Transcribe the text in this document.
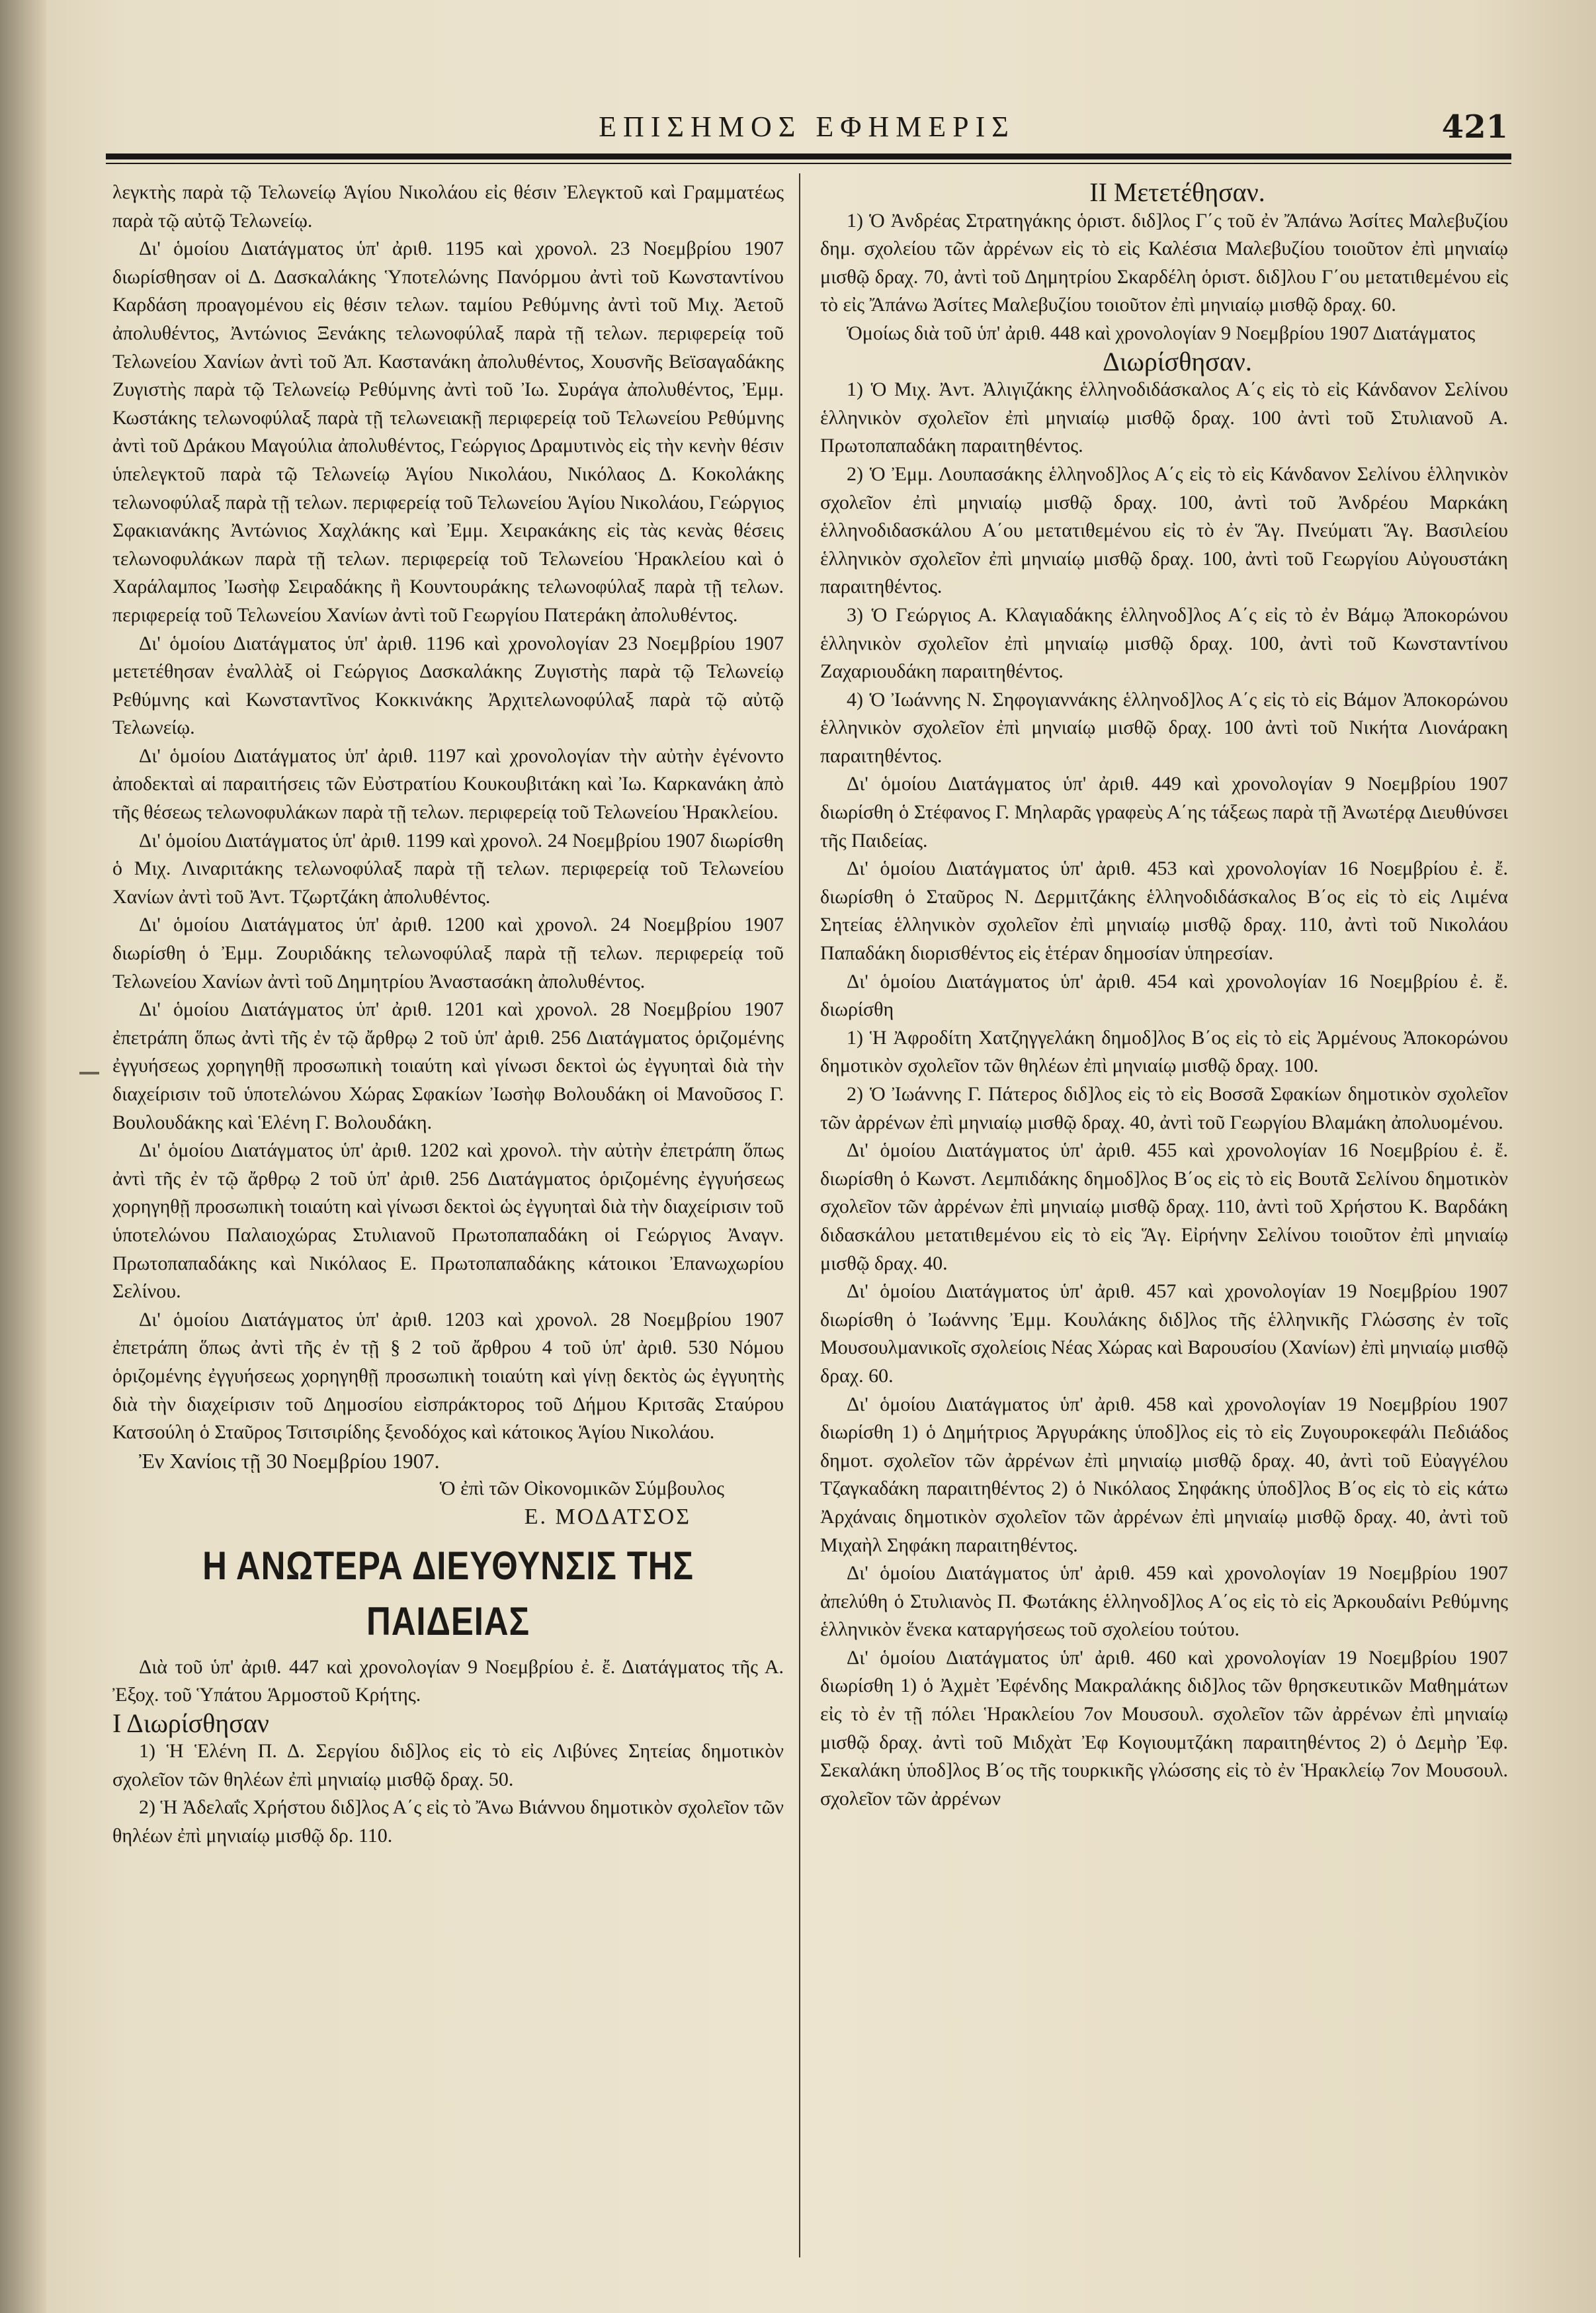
ΕΠΙΣΗΜΟΣ ΕΦΗΜΕΡΙΣ	421

λεγκτὴς παρὰ τῷ Τελωνείῳ Ἁγίου Νικολάου εἰς θέσιν Ἐλεγκτοῦ καὶ Γραμματέως παρὰ τῷ αὐτῷ Τελωνείῳ.

Δι' ὁμοίου Διατάγματος ὑπ' ἀριθ. 1195 καὶ χρονολ. 23 Νοεμβρίου 1907 διωρίσθησαν οἱ Δ. Δασκαλάκης Ὑποτελώνης Πανόρμου ἀντὶ τοῦ Κωνσταντίνου Καρδάση προαγομένου εἰς θέσιν τελων. ταμίου Ρεθύμνης ἀντὶ τοῦ Μιχ. Ἀετοῦ ἀπολυθέντος, Ἀντώνιος Ξενάκης τελωνοφύλαξ παρὰ τῇ τελων. περιφερείᾳ τοῦ Τελωνείου Χανίων ἀντὶ τοῦ Ἀπ. Καστανάκη ἀπολυθέντος, Χουσνῆς Βεϊσαγαδάκης Ζυγιστὴς παρὰ τῷ Τελωνείῳ Ρεθύμνης ἀντὶ τοῦ Ἰω. Συράγα ἀπολυθέντος, Ἐμμ. Κωστάκης τελωνοφύλαξ παρὰ τῇ τελωνειακῇ περιφερείᾳ τοῦ Τελωνείου Ρεθύμνης ἀντὶ τοῦ Δράκου Μαγούλια ἀπολυθέντος, Γεώργιος Δραμυτινὸς εἰς τὴν κενὴν θέσιν ὑπελεγκτοῦ παρὰ τῷ Τελωνείῳ Ἁγίου Νικολάου, Νικόλαος Δ. Κοκολάκης τελωνοφύλαξ παρὰ τῇ τελων. περιφερείᾳ τοῦ Τελωνείου Ἁγίου Νικολάου, Γεώργιος Σφακιανάκης Ἀντώνιος Χαχλάκης καὶ Ἐμμ. Χειρακάκης εἰς τὰς κενὰς θέσεις τελωνοφυλάκων παρὰ τῇ τελων. περιφερείᾳ τοῦ Τελωνείου Ἡρακλείου καὶ ὁ Χαράλαμπος Ἰωσὴφ Σειραδάκης ἢ Κουντουράκης τελωνοφύλαξ παρὰ τῇ τελων. περιφερείᾳ τοῦ Τελωνείου Χανίων ἀντὶ τοῦ Γεωργίου Πατεράκη ἀπολυθέντος.

Δι' ὁμοίου Διατάγματος ὑπ' ἀριθ. 1196 καὶ χρονολογίαν 23 Νοεμβρίου 1907 μετετέθησαν ἐναλλὰξ οἱ Γεώργιος Δασκαλάκης Ζυγιστὴς παρὰ τῷ Τελωνείῳ Ρεθύμνης καὶ Κωνσταντῖνος Κοκκινάκης Ἀρχιτελωνοφύλαξ παρὰ τῷ αὐτῷ Τελωνείῳ.

Δι' ὁμοίου Διατάγματος ὑπ' ἀριθ. 1197 καὶ χρονολογίαν τὴν αὐτὴν ἐγένοντο ἀποδεκταὶ αἱ παραιτήσεις τῶν Εὐστρατίου Κουκουβιτάκη καὶ Ἰω. Καρκανάκη ἀπὸ τῆς θέσεως τελωνοφυλάκων παρὰ τῇ τελων. περιφερείᾳ τοῦ Τελωνείου Ἡρακλείου.

Δι' ὁμοίου Διατάγματος ὑπ' ἀριθ. 1199 καὶ χρονολ. 24 Νοεμβρίου 1907 διωρίσθη ὁ Μιχ. Λιναριτάκης τελωνοφύλαξ παρὰ τῇ τελων. περιφερείᾳ τοῦ Τελωνείου Χανίων ἀντὶ τοῦ Ἀντ. Τζωρτζάκη ἀπολυθέντος.

Δι' ὁμοίου Διατάγματος ὑπ' ἀριθ. 1200 καὶ χρονολ. 24 Νοεμβρίου 1907 διωρίσθη ὁ Ἐμμ. Ζουριδάκης τελωνοφύλαξ παρὰ τῇ τελων. περιφερείᾳ τοῦ Τελωνείου Χανίων ἀντὶ τοῦ Δημητρίου Ἀναστασάκη ἀπολυθέντος.

Δι' ὁμοίου Διατάγματος ὑπ' ἀριθ. 1201 καὶ χρονολ. 28 Νοεμβρίου 1907 ἐπετράπη ὅπως ἀντὶ τῆς ἐν τῷ ἄρθρῳ 2 τοῦ ὑπ' ἀριθ. 256 Διατάγματος ὁριζομένης ἐγγυήσεως χορηγηθῇ προσωπικὴ τοιαύτη καὶ γίνωσι δεκτοὶ ὡς ἐγγυηταὶ διὰ τὴν διαχείρισιν τοῦ ὑποτελώνου Χώρας Σφακίων Ἰωσὴφ Βολουδάκη οἱ Μανοῦσος Γ. Βουλουδάκης καὶ Ἑλένη Γ. Βολουδάκη.

Δι' ὁμοίου Διατάγματος ὑπ' ἀριθ. 1202 καὶ χρονολ. τὴν αὐτὴν ἐπετράπη ὅπως ἀντὶ τῆς ἐν τῷ ἄρθρῳ 2 τοῦ ὑπ' ἀριθ. 256 Διατάγματος ὁριζομένης ἐγγυήσεως χορηγηθῇ προσωπικὴ τοιαύτη καὶ γίνωσι δεκτοὶ ὡς ἐγγυηταὶ διὰ τὴν διαχείρισιν τοῦ ὑποτελώνου Παλαιοχώρας Στυλιανοῦ Πρωτοπαπαδάκη οἱ Γεώργιος Ἀναγν. Πρωτοπαπαδάκης καὶ Νικόλαος Ε. Πρωτοπαπαδάκης κάτοικοι Ἐπανωχωρίου Σελίνου.

Δι' ὁμοίου Διατάγματος ὑπ' ἀριθ. 1203 καὶ χρονολ. 28 Νοεμβρίου 1907 ἐπετράπη ὅπως ἀντὶ τῆς ἐν τῇ § 2 τοῦ ἄρθρου 4 τοῦ ὑπ' ἀριθ. 530 Νόμου ὁριζομένης ἐγγυήσεως χορηγηθῇ προσωπικὴ τοιαύτη καὶ γίνῃ δεκτὸς ὡς ἐγγυητὴς διὰ τὴν διαχείρισιν τοῦ Δημοσίου εἰσπράκτορος τοῦ Δήμου Κριτσᾶς Σταύρου Κατσούλη ὁ Σταῦρος Τσιτσιρίδης ξενοδόχος καὶ κάτοικος Ἁγίου Νικολάου.

Ἐν Χανίοις τῇ 30 Νοεμβρίου 1907.

Ὁ ἐπὶ τῶν Οἰκονομικῶν Σύμβουλος

Ε. ΜΟΔΑΤΣΟΣ

Η ΑΝΩΤΕΡΑ ΔΙΕΥΘΥΝΣΙΣ ΤΗΣ ΠΑΙΔΕΙΑΣ

Διὰ τοῦ ὑπ' ἀριθ. 447 καὶ χρονολογίαν 9 Νοεμβρίου ἐ. ἔ. Διατάγματος τῆς Α. Ἐξοχ. τοῦ Ὑπάτου Ἁρμοστοῦ Κρήτης.

Ι Διωρίσθησαν

1) Ἡ Ἑλένη Π. Δ. Σεργίου διδ]λος εἰς τὸ εἰς Λιβύνες Σητείας δημοτικὸν σχολεῖον τῶν θηλέων ἐπὶ μηνιαίῳ μισθῷ δραχ. 50.

2) Ἡ Ἀδελαΐς Χρήστου διδ]λος Α΄ς εἰς τὸ Ἄνω Βιάννου δημοτικὸν σχολεῖον τῶν θηλέων ἐπὶ μηνιαίῳ μισθῷ δρ. 110.

ΙΙ Μετετέθησαν.

1) Ὁ Ἀνδρέας Στρατηγάκης ὁριστ. διδ]λος Γ΄ς τοῦ ἐν Ἄπάνω Ἀσίτες Μαλεβυζίου δημ. σχολείου τῶν ἀρρένων εἰς τὸ εἰς Καλέσια Μαλεβυζίου τοιοῦτον ἐπὶ μηνιαίῳ μισθῷ δραχ. 70, ἀντὶ τοῦ Δημητρίου Σκαρδέλη ὁριστ. διδ]λου Γ΄ου μετατιθεμένου εἰς τὸ εἰς Ἄπάνω Ἀσίτες Μαλεβυζίου τοιοῦτον ἐπὶ μηνιαίῳ μισθῷ δραχ. 60.

Ὁμοίως διὰ τοῦ ὑπ' ἀριθ. 448 καὶ χρονολογίαν 9 Νοεμβρίου 1907 Διατάγματος

Διωρίσθησαν.

1) Ὁ Μιχ. Ἀντ. Ἀλιγιζάκης ἑλληνοδιδάσκαλος Α΄ς εἰς τὸ εἰς Κάνδανον Σελίνου ἑλληνικὸν σχολεῖον ἐπὶ μηνιαίῳ μισθῷ δραχ. 100 ἀντὶ τοῦ Στυλιανοῦ Α. Πρωτοπαπαδάκη παραιτηθέντος.

2) Ὁ Ἐμμ. Λουπασάκης ἑλληνοδ]λος Α΄ς εἰς τὸ εἰς Κάνδανον Σελίνου ἑλληνικὸν σχολεῖον ἐπὶ μηνιαίῳ μισθῷ δραχ. 100, ἀντὶ τοῦ Ἀνδρέου Μαρκάκη ἑλληνοδιδασκάλου Α΄ου μετατιθεμένου εἰς τὸ ἐν Ἅγ. Πνεύματι Ἅγ. Βασιλείου ἑλληνικὸν σχολεῖον ἐπὶ μηνιαίῳ μισθῷ δραχ. 100, ἀντὶ τοῦ Γεωργίου Αὐγουστάκη παραιτηθέντος.

3) Ὁ Γεώργιος Α. Κλαγιαδάκης ἑλληνοδ]λος Α΄ς εἰς τὸ ἐν Βάμῳ Ἀποκορώνου ἑλληνικὸν σχολεῖον ἐπὶ μηνιαίῳ μισθῷ δραχ. 100, ἀντὶ τοῦ Κωνσταντίνου Ζαχαριουδάκη παραιτηθέντος.

4) Ὁ Ἰωάννης Ν. Σηφογιαννάκης ἑλληνοδ]λος Α΄ς εἰς τὸ εἰς Βάμον Ἀποκορώνου ἑλληνικὸν σχολεῖον ἐπὶ μηνιαίῳ μισθῷ δραχ. 100 ἀντὶ τοῦ Νικήτα Λιονάρακη παραιτηθέντος.

Δι' ὁμοίου Διατάγματος ὑπ' ἀριθ. 449 καὶ χρονολογίαν 9 Νοεμβρίου 1907 διωρίσθη ὁ Στέφανος Γ. Μηλαρᾶς γραφεὺς Α΄ης τάξεως παρὰ τῇ Ἀνωτέρᾳ Διευθύνσει τῆς Παιδείας.

Δι' ὁμοίου Διατάγματος ὑπ' ἀριθ. 453 καὶ χρονολογίαν 16 Νοεμβρίου ἐ. ἔ. διωρίσθη ὁ Σταῦρος Ν. Δερμιτζάκης ἑλληνοδιδάσκαλος Β΄ος εἰς τὸ εἰς Λιμένα Σητείας ἑλληνικὸν σχολεῖον ἐπὶ μηνιαίῳ μισθῷ δραχ. 110, ἀντὶ τοῦ Νικολάου Παπαδάκη διορισθέντος εἰς ἑτέραν δημοσίαν ὑπηρεσίαν.

Δι' ὁμοίου Διατάγματος ὑπ' ἀριθ. 454 καὶ χρονολογίαν 16 Νοεμβρίου ἐ. ἔ. διωρίσθη

1) Ἡ Ἀφροδίτη Χατζηγγελάκη δημοδ]λος Β΄ος εἰς τὸ εἰς Ἀρμένους Ἀποκορώνου δημοτικὸν σχολεῖον τῶν θηλέων ἐπὶ μηνιαίῳ μισθῷ δραχ. 100.

2) Ὁ Ἰωάννης Γ. Πάτερος διδ]λος εἰς τὸ εἰς Βοσσᾶ Σφακίων δημοτικὸν σχολεῖον τῶν ἀρρένων ἐπὶ μηνιαίῳ μισθῷ δραχ. 40, ἀντὶ τοῦ Γεωργίου Βλαμάκη ἀπολυομένου.

Δι' ὁμοίου Διατάγματος ὑπ' ἀριθ. 455 καὶ χρονολογίαν 16 Νοεμβρίου ἐ. ἔ. διωρίσθη ὁ Κωνστ. Λεμπιδάκης δημοδ]λος Β΄ος εἰς τὸ εἰς Βουτᾶ Σελίνου δημοτικὸν σχολεῖον τῶν ἀρρένων ἐπὶ μηνιαίῳ μισθῷ δραχ. 110, ἀντὶ τοῦ Χρήστου Κ. Βαρδάκη διδασκάλου μετατιθεμένου εἰς τὸ εἰς Ἅγ. Εἰρήνην Σελίνου τοιοῦτον ἐπὶ μηνιαίῳ μισθῷ δραχ. 40.

Δι' ὁμοίου Διατάγματος ὑπ' ἀριθ. 457 καὶ χρονολογίαν 19 Νοεμβρίου 1907 διωρίσθη ὁ Ἰωάννης Ἐμμ. Κουλάκης διδ]λος τῆς ἑλληνικῆς Γλώσσης ἐν τοῖς Μουσουλμανικοῖς σχολείοις Νέας Χώρας καὶ Βαρουσίου (Χανίων) ἐπὶ μηνιαίῳ μισθῷ δραχ. 60.

Δι' ὁμοίου Διατάγματος ὑπ' ἀριθ. 458 καὶ χρονολογίαν 19 Νοεμβρίου 1907 διωρίσθη 1) ὁ Δημήτριος Ἀργυράκης ὑποδ]λος εἰς τὸ εἰς Ζυγουροκεφάλι Πεδιάδος δημοτ. σχολεῖον τῶν ἀρρένων ἐπὶ μηνιαίῳ μισθῷ δραχ. 40, ἀντὶ τοῦ Εὐαγγέλου Τζαγκαδάκη παραιτηθέντος 2) ὁ Νικόλαος Σηφάκης ὑποδ]λος Β΄ος εἰς τὸ εἰς κάτω Ἀρχάναις δημοτικὸν σχολεῖον τῶν ἀρρένων ἐπὶ μηνιαίῳ μισθῷ δραχ. 40, ἀντὶ τοῦ Μιχαὴλ Σηφάκη παραιτηθέντος.

Δι' ὁμοίου Διατάγματος ὑπ' ἀριθ. 459 καὶ χρονολογίαν 19 Νοεμβρίου 1907 ἀπελύθη ὁ Στυλιανὸς Π. Φωτάκης ἑλληνοδ]λος Α΄ος εἰς τὸ εἰς Ἀρκουδαίνι Ρεθύμνης ἑλληνικὸν ἕνεκα καταργήσεως τοῦ σχολείου τούτου.

Δι' ὁμοίου Διατάγματος ὑπ' ἀριθ. 460 καὶ χρονολογίαν 19 Νοεμβρίου 1907 διωρίσθη 1) ὁ Ἀχμὲτ Ἐφένδης Μακραλάκης διδ]λος τῶν θρησκευτικῶν Μαθημάτων εἰς τὸ ἐν τῇ πόλει Ἡρακλείου 7ον Μουσουλ. σχολεῖον τῶν ἀρρένων ἐπὶ μηνιαίῳ μισθῷ δραχ. ἀντὶ τοῦ Μιδχὰτ Ἐφ Κογιουμτζάκη παραιτηθέντος 2) ὁ Δεμὴρ Ἐφ. Σεκαλάκη ὑποδ]λος Β΄ος τῆς τουρκικῆς γλώσσης εἰς τὸ ἐν Ἡρακλείῳ 7ον Μουσουλ. σχολεῖον τῶν ἀρρένων
